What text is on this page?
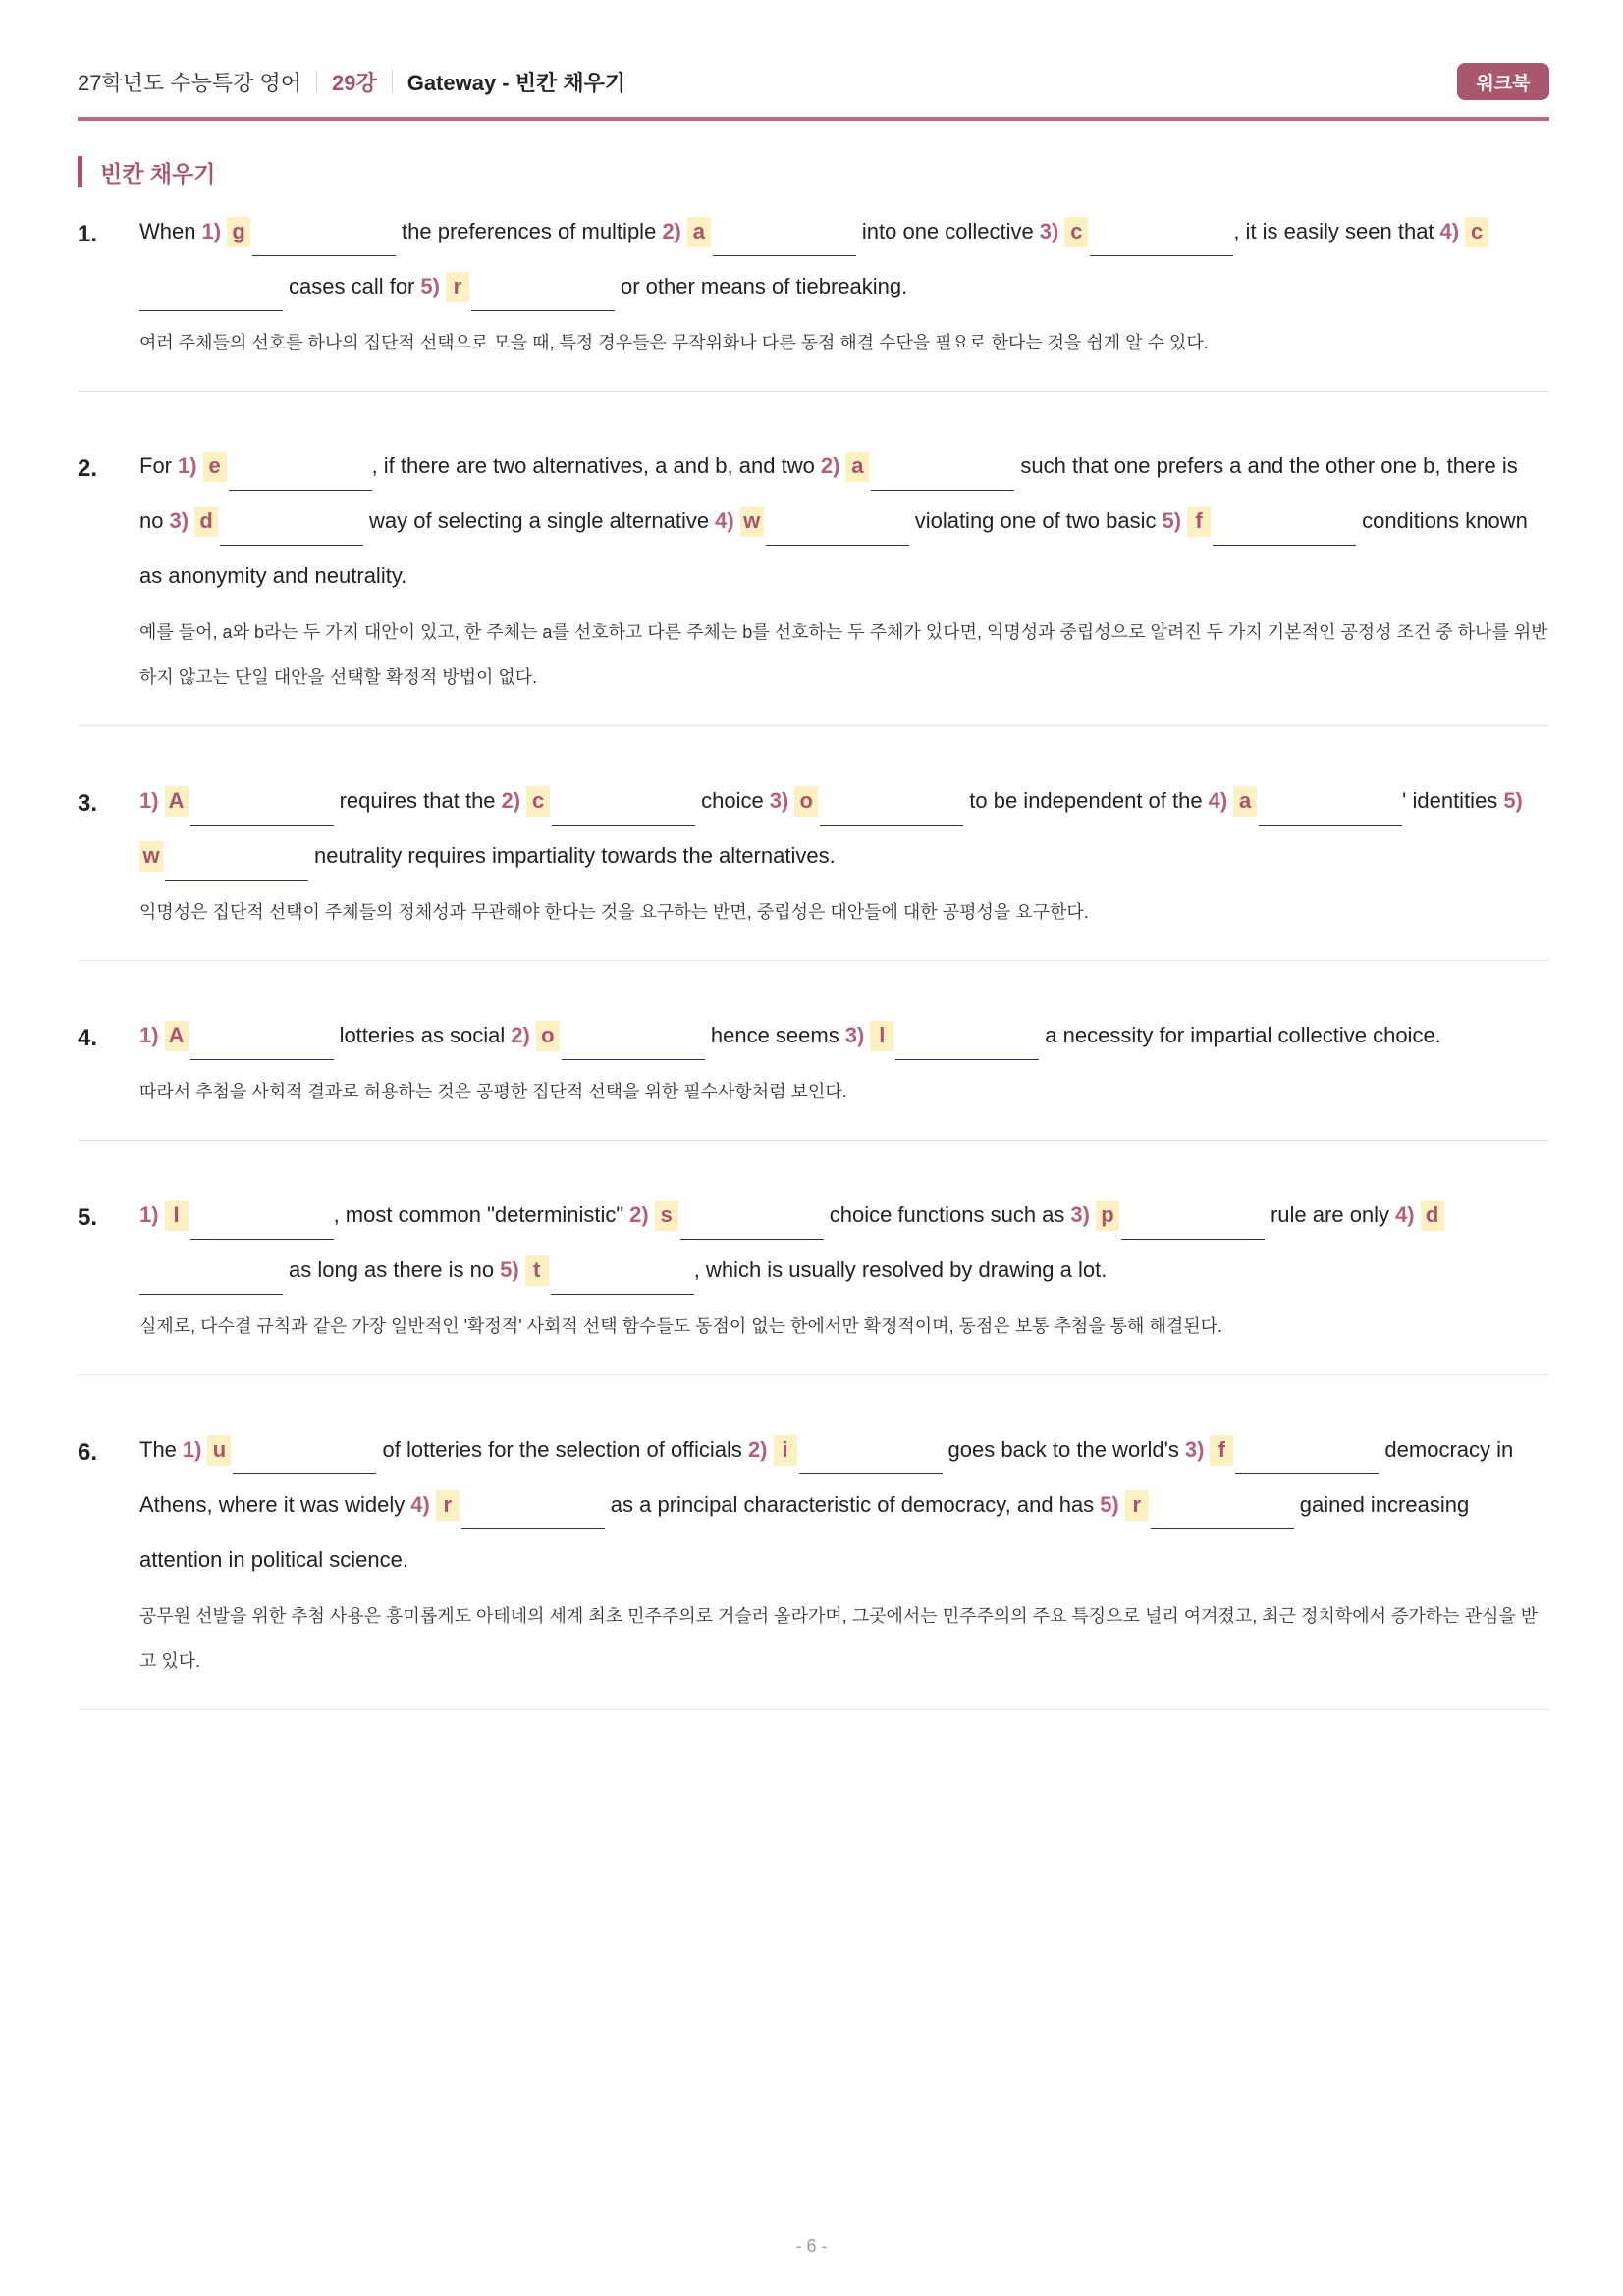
27학년도 수능특강 영어 29강 Gateway - 빈칸 채우기	워크북
빈칸 채우기
1. When 1) g	the preferences of multiple 2) a	into one collective 3) c	, it is easily seen that 4) c
cases call for 5) r	or other means of tiebreaking.
여러 주체들의 선호를 하나의 집단적 선택으로 모을 때, 특정 경우들은 무작위화나 다른 동점 해결 수단을 필요로 한다는 것을 쉽게 알 수 있다.
2. For 1) e	, if there are two alternatives, a and b, and two 2) a	such that one prefers a and the other one b, there is
no 3) d	way of selecting a single alternative 4) w	violating one of two basic 5) f	conditions known
as anonymity and neutrality.
예를 들어, a와 b라는 두 가지 대안이 있고, 한 주체는 a를 선호하고 다른 주체는 b를 선호하는 두 주체가 있다면, 익명성과 중립성으로 알려진 두 가지 기본적인 공정성 조건 중 하나를 위반하지 않고는 단일 대안을 선택할 확정적 방법이 없다.
3. 1) A	requires that the 2) c	choice 3) o	to be independent of the 4) a	' identities 5)
w	neutrality requires impartiality towards the alternatives.
익명성은 집단적 선택이 주체들의 정체성과 무관해야 한다는 것을 요구하는 반면, 중립성은 대안들에 대한 공평성을 요구한다.
4. 1) A	lotteries as social 2) o	hence seems 3) l	a necessity for impartial collective choice.
따라서 추첨을 사회적 결과로 허용하는 것은 공평한 집단적 선택을 위한 필수사항처럼 보인다.
5. 1) I	, most common "deterministic" 2) s	choice functions such as 3) p	rule are only 4) d
as long as there is no 5) t	, which is usually resolved by drawing a lot.
실제로, 다수결 규칙과 같은 가장 일반적인 '확정적' 사회적 선택 함수들도 동점이 없는 한에서만 확정적이며, 동점은 보통 추첨을 통해 해결된다.
6. The 1) u	of lotteries for the selection of officials 2) i	goes back to the world's 3) f	democracy in
Athens, where it was widely 4) r	as a principal characteristic of democracy, and has 5) r	gained increasing
attention in political science.
공무원 선발을 위한 추첨 사용은 흥미롭게도 아테네의 세계 최초 민주주의로 거슬러 올라가며, 그곳에서는 민주주의의 주요 특징으로 널리 여겨졌고, 최근 정치학에서 증가하는 관심을 받고 있다.
- 6 -
